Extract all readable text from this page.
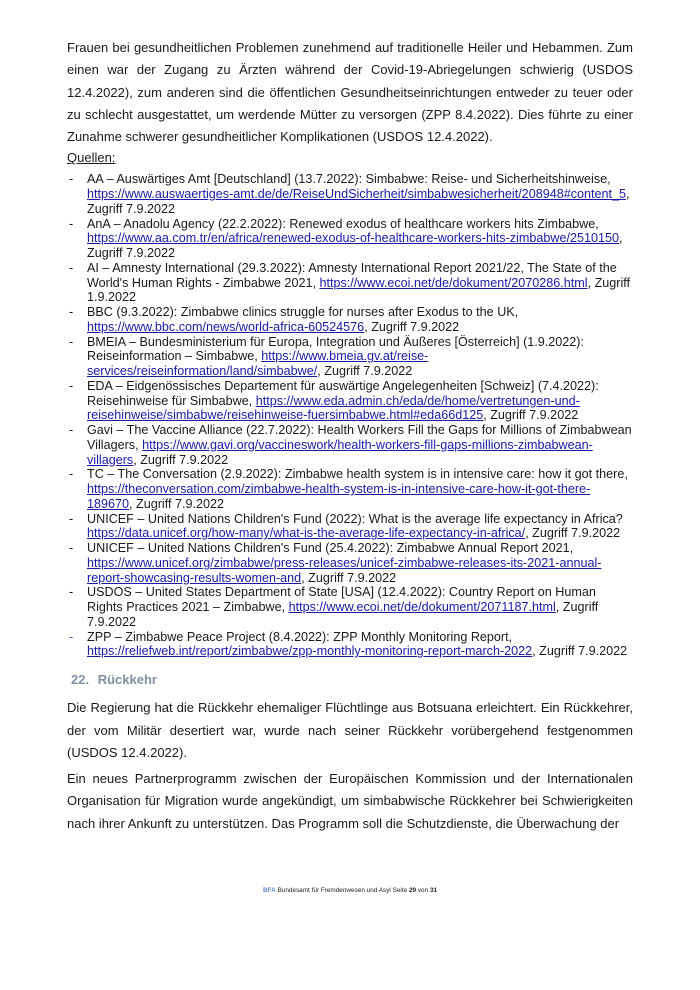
Frauen bei gesundheitlichen Problemen zunehmend auf traditionelle Heiler und Hebammen. Zum einen war der Zugang zu Ärzten während der Covid-19-Abriegelungen schwierig (USDOS 12.4.2022), zum anderen sind die öffentlichen Gesundheitseinrichtungen entweder zu teuer oder zu schlecht ausgestattet, um werdende Mütter zu versorgen (ZPP 8.4.2022). Dies führte zu einer Zunahme schwerer gesundheitlicher Komplikationen (USDOS 12.4.2022).

Quellen:
- AA – Auswärtiges Amt [Deutschland] (13.7.2022): Simbabwe: Reise- und Sicherheitshinweise, https://www.auswaertiges-amt.de/de/ReiseUndSicherheit/simbabwesicherheit/208948#content_5, Zugriff 7.9.2022
- AnA – Anadolu Agency (22.2.2022): Renewed exodus of healthcare workers hits Zimbabwe, https://www.aa.com.tr/en/africa/renewed-exodus-of-healthcare-workers-hits-zimbabwe/2510150, Zugriff 7.9.2022
- AI – Amnesty International (29.3.2022): Amnesty International Report 2021/22, The State of the World's Human Rights - Zimbabwe 2021, https://www.ecoi.net/de/dokument/2070286.html, Zugriff 1.9.2022
- BBC (9.3.2022): Zimbabwe clinics struggle for nurses after Exodus to the UK, https://www.bbc.com/news/world-africa-60524576, Zugriff 7.9.2022
- BMEIA – Bundesministerium für Europa, Integration und Äußeres [Österreich] (1.9.2022): Reiseinformation – Simbabwe, https://www.bmeia.gv.at/reise-services/reiseinformation/land/simbabwe/, Zugriff 7.9.2022
- EDA – Eidgenössisches Departement für auswärtige Angelegenheiten [Schweiz] (7.4.2022): Reisehinweise für Simbabwe, https://www.eda.admin.ch/eda/de/home/vertretungen-und-reisehinweise/simbabwe/reisehinweise-fuersimbabwe.html#eda66d125, Zugriff 7.9.2022
- Gavi – The Vaccine Alliance (22.7.2022): Health Workers Fill the Gaps for Millions of Zimbabwean Villagers, https://www.gavi.org/vaccineswork/health-workers-fill-gaps-millions-zimbabwean-villagers, Zugriff 7.9.2022
- TC – The Conversation (2.9.2022): Zimbabwe health system is in intensive care: how it got there, https://theconversation.com/zimbabwe-health-system-is-in-intensive-care-how-it-got-there-189670, Zugriff 7.9.2022
- UNICEF – United Nations Children's Fund (2022): What is the average life expectancy in Africa? https://data.unicef.org/how-many/what-is-the-average-life-expectancy-in-africa/, Zugriff 7.9.2022
- UNICEF – United Nations Children's Fund (25.4.2022): Zimbabwe Annual Report 2021, https://www.unicef.org/zimbabwe/press-releases/unicef-zimbabwe-releases-its-2021-annual-report-showcasing-results-women-and, Zugriff 7.9.2022
- USDOS – United States Department of State [USA] (12.4.2022): Country Report on Human Rights Practices 2021 – Zimbabwe, https://www.ecoi.net/de/dokument/2071187.html, Zugriff 7.9.2022
- ZPP – Zimbabwe Peace Project (8.4.2022): ZPP Monthly Monitoring Report, https://reliefweb.int/report/zimbabwe/zpp-monthly-monitoring-report-march-2022, Zugriff 7.9.2022
22. Rückkehr

Die Regierung hat die Rückkehr ehemaliger Flüchtlinge aus Botsuana erleichtert. Ein Rückkehrer, der vom Militär desertiert war, wurde nach seiner Rückkehr vorübergehend festgenommen (USDOS 12.4.2022).

Ein neues Partnerprogramm zwischen der Europäischen Kommission und der Internationalen Organisation für Migration wurde angekündigt, um simbabwische Rückkehrer bei Schwierigkeiten nach ihrer Ankunft zu unterstützen. Das Programm soll die Schutzdienste, die Überwachung der

BFA Bundesamt für Fremdenwesen und Asyl Seite 29 von 31
